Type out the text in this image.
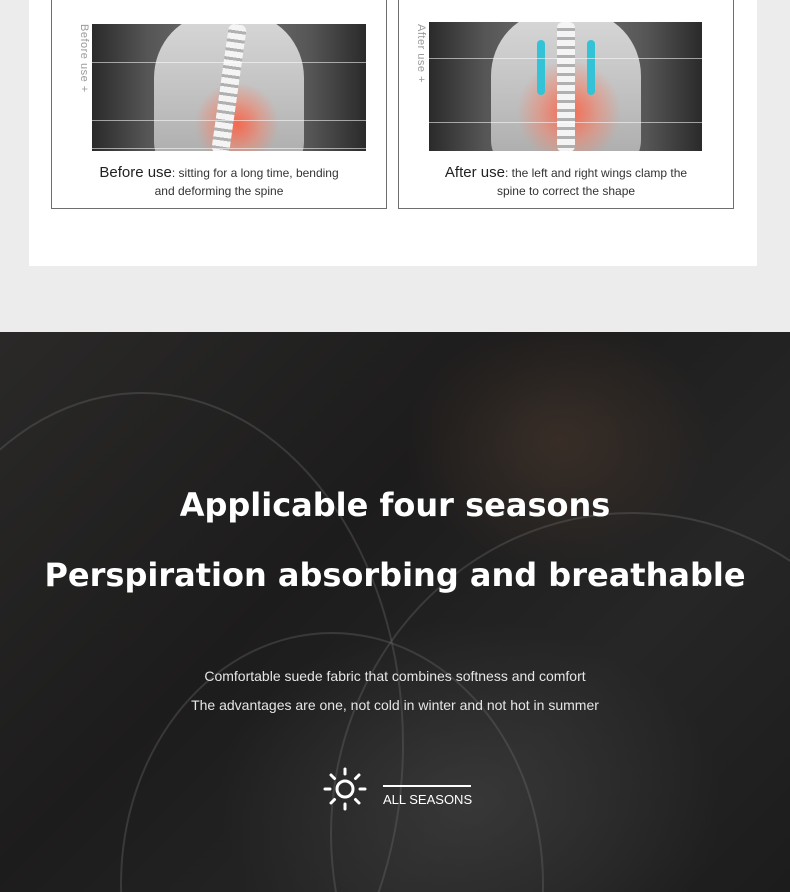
Before use +
Before use: sitting for a long time, bending
and deforming the spine
After use +
After use: the left and right wings clamp the
spine to correct the shape
Applicable four seasons
Perspiration absorbing and breathable
Comfortable suede fabric that combines softness and comfort
The advantages are one, not cold in winter and not hot in summer
ALL SEASONS
